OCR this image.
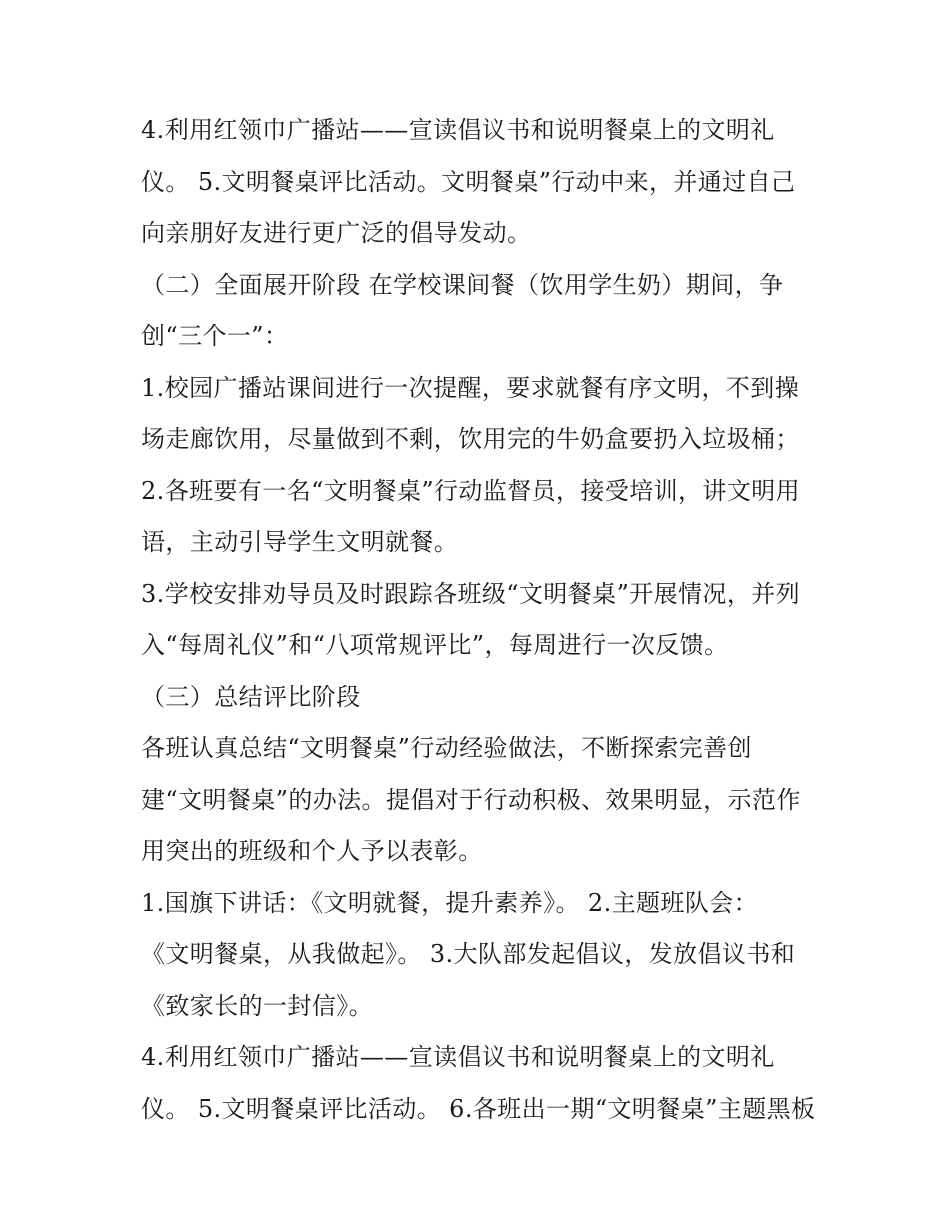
4.利用红领巾广播站——宣读倡议书和说明餐桌上的文明礼
仪。 5.文明餐桌评比活动。文明餐桌”行动中来，并通过自己
向亲朋好友进行更广泛的倡导发动。
（二）全面展开阶段 在学校课间餐（饮用学生奶）期间，争
创“三个一”：
1.校园广播站课间进行一次提醒，要求就餐有序文明，不到操
场走廊饮用，尽量做到不剩，饮用完的牛奶盒要扔入垃圾桶；
2.各班要有一名“文明餐桌”行动监督员，接受培训，讲文明用
语，主动引导学生文明就餐。
3.学校安排劝导员及时跟踪各班级“文明餐桌”开展情况，并列
入“每周礼仪”和“八项常规评比”，每周进行一次反馈。
（三）总结评比阶段
各班认真总结“文明餐桌”行动经验做法，不断探索完善创
建“文明餐桌”的办法。提倡对于行动积极、效果明显，示范作
用突出的班级和个人予以表彰。
1.国旗下讲话：《文明就餐，提升素养》。 2.主题班队会：
《文明餐桌，从我做起》。 3.大队部发起倡议，发放倡议书和
《致家长的一封信》。
4.利用红领巾广播站——宣读倡议书和说明餐桌上的文明礼
仪。 5.文明餐桌评比活动。 6.各班出一期“文明餐桌”主题黑板
